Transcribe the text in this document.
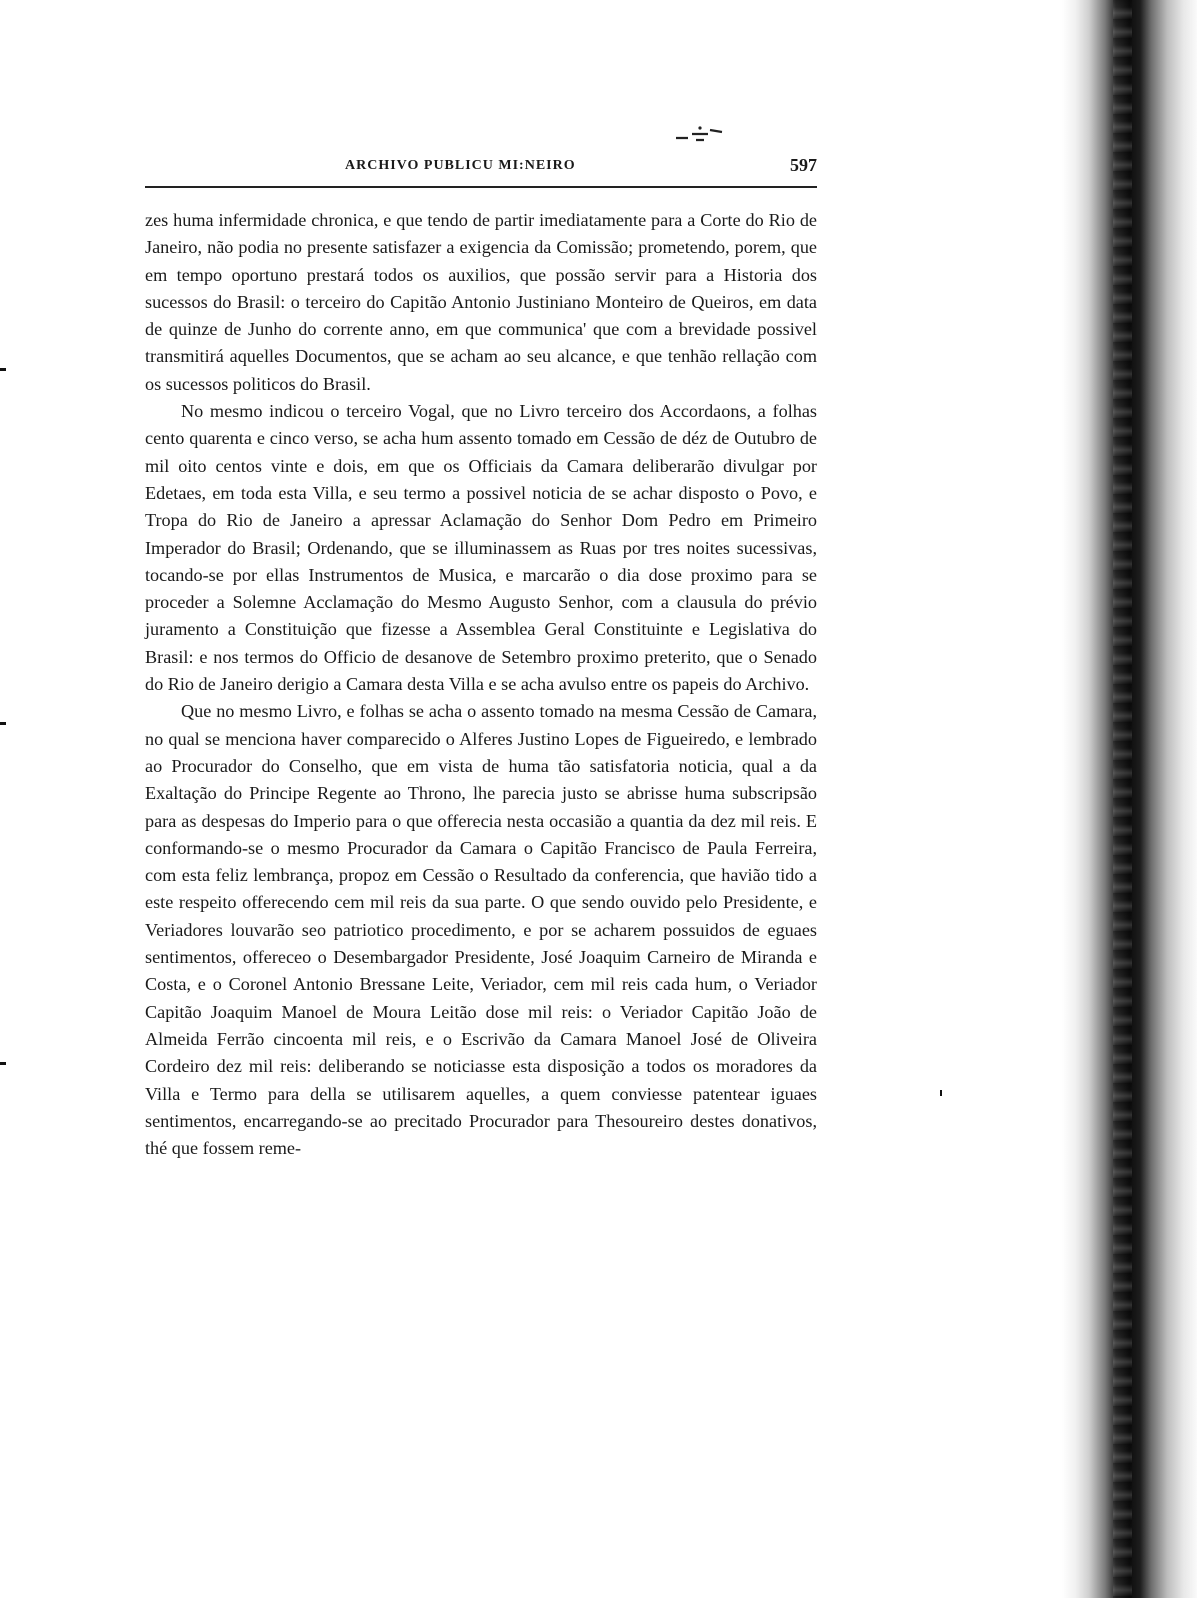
ARCHIVO PUBLICU MI:NEIRO	597

zes huma infermidade chronica, e que tendo de partir imediatamente para a Corte do Rio de Janeiro, não podia no presente satisfazer a exigencia da Comissão; prometendo, porem, que em tempo oportuno prestará todos os auxilios, que possão servir para a Historia dos sucessos do Brasil: o terceiro do Capitão Antonio Justiniano Monteiro de Queiros, em data de quinze de Junho do corrente anno, em que communica' que com a brevidade possivel transmitirá aquelles Documentos, que se acham ao seu alcance, e que tenhão rellação com os sucessos politicos do Brasil.

No mesmo indicou o terceiro Vogal, que no Livro terceiro dos Accordaons, a folhas cento quarenta e cinco verso, se acha hum assento tomado em Cessão de déz de Outubro de mil oito centos vinte e dois, em que os Officiais da Camara deliberarão divulgar por Edetaes, em toda esta Villa, e seu termo a possivel noticia de se achar disposto o Povo, e Tropa do Rio de Janeiro a apressar Aclamação do Senhor Dom Pedro em Primeiro Imperador do Brasil; Ordenando, que se illuminassem as Ruas por tres noites sucessivas, tocando-se por ellas Instrumentos de Musica, e marcarão o dia dose proximo para se proceder a Solemne Acclamação do Mesmo Augusto Senhor, com a clausula do prévio juramento a Constituição que fizesse a Assemblea Geral Constituinte e Legislativa do Brasil: e nos termos do Officio de desanove de Setembro proximo preterito, que o Senado do Rio de Janeiro derigio a Camara desta Villa e se acha avulso entre os papeis do Archivo.

Que no mesmo Livro, e folhas se acha o assento tomado na mesma Cessão de Camara, no qual se menciona haver comparecido o Alferes Justino Lopes de Figueiredo, e lembrado ao Procurador do Conselho, que em vista de huma tão satisfatoria noticia, qual a da Exaltação do Principe Regente ao Throno, lhe parecia justo se abrisse huma subscripsão para as despesas do Imperio para o que offerecia nesta occasião a quantia da dez mil reis. E conformando-se o mesmo Procurador da Camara o Capitão Francisco de Paula Ferreira, com esta feliz lembrança, propoz em Cessão o Resultado da conferencia, que havião tido a este respeito offerecendo cem mil reis da sua parte. O que sendo ouvido pelo Presidente, e Veriadores louvarão seo patriotico procedimento, e por se acharem possuidos de eguaes sentimentos, offereceo o Desembargador Presidente, José Joaquim Carneiro de Miranda e Costa, e o Coronel Antonio Bressane Leite, Veriador, cem mil reis cada hum, o Veriador Capitão Joaquim Manoel de Moura Leitão dose mil reis: o Veriador Capitão João de Almeida Ferrão cincoenta mil reis, e o Escrivão da Camara Manoel José de Oliveira Cordeiro dez mil reis: deliberando se noticiasse esta disposição a todos os moradores da Villa e Termo para della se utilisarem aquelles, a quem conviesse patentear iguaes sentimentos, encarregando-se ao precitado Procurador para Thesoureiro destes donativos, thé que fossem reme-
